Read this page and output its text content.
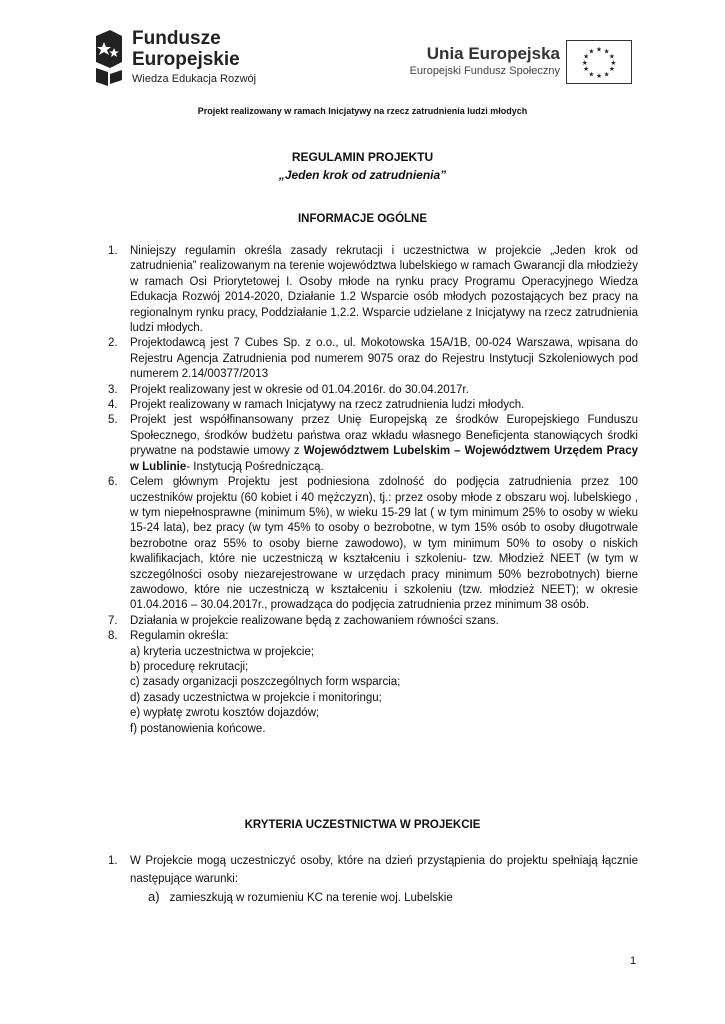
Fundusze
Europejskie
Wiedza Edukacja Rozwój
Unia Europejska
Europejski Fundusz Społeczny
★ ★
★
★
★
★
★
★
★
★
★
★
Projekt realizowany w ramach Inicjatywy na rzecz zatrudnienia ludzi młodych
REGULAMIN PROJEKTU
„Jeden krok od zatrudnienia”
INFORMACJE OGÓLNE
1. Niniejszy regulamin określa zasady rekrutacji i uczestnictwa w projekcie „Jeden krok od zatrudnienia” realizowanym na terenie województwa lubelskiego w ramach Gwarancji dla młodzieży w ramach Osi Priorytetowej I. Osoby młode na rynku pracy Programu Operacyjnego Wiedza Edukacja Rozwój 2014-2020, Działanie 1.2 Wsparcie osób młodych pozostających bez pracy na regionalnym rynku pracy, Poddziałanie 1.2.2. Wsparcie udzielane z Inicjatywy na rzecz zatrudnienia ludzi młodych.
2. Projektodawcą jest 7 Cubes Sp. z o.o., ul. Mokotowska 15A/1B, 00-024 Warszawa, wpisana do Rejestru Agencja Zatrudnienia pod numerem 9075 oraz do Rejestru Instytucji Szkoleniowych pod numerem 2.14/00377/2013
3. Projekt realizowany jest w okresie od 01.04.2016r. do 30.04.2017r.
4. Projekt realizowany w ramach Inicjatywy na rzecz zatrudnienia ludzi młodych.
5. Projekt jest współfinansowany przez Unię Europejską ze środków Europejskiego Funduszu Społecznego, środków budżetu państwa oraz wkładu własnego Beneficjenta stanowiących środki prywatne na podstawie umowy z Województwem Lubelskim – Województwem Urzędem Pracy w Lublinie- Instytucją Pośredniczącą.
6. Celem głównym Projektu jest podniesiona zdolność do podjęcia zatrudnienia przez 100 uczestników projektu (60 kobiet i 40 mężczyzn), tj.: przez osoby młode z obszaru woj. lubelskiego , w tym niepełnosprawne (minimum 5%), w wieku 15-29 lat ( w tym minimum 25% to osoby w wieku 15-24 lata), bez pracy (w tym 45% to osoby o bezrobotne, w tym 15% osób to osoby długotrwale bezrobotne oraz 55% to osoby bierne zawodowo), w tym minimum 50% to osoby o niskich kwalifikacjach, które nie uczestniczą w kształceniu i szkoleniu- tzw. Młodzież NEET (w tym w szczególności osoby niezarejestrowane w urzędach pracy minimum 50% bezrobotnych) bierne zawodowo, które nie uczestniczą w kształceniu i szkoleniu (tzw. młodzież NEET); w okresie 01.04.2016 – 30.04.2017r., prowadząca do podjęcia zatrudnienia przez minimum 38 osób.
7. Działania w projekcie realizowane będą z zachowaniem równości szans.
8. Regulamin określa:
a) kryteria uczestnictwa w projekcie;
b) procedurę rekrutacji;
c) zasady organizacji poszczególnych form wsparcia;
d) zasady uczestnictwa w projekcie i monitoringu;
e) wypłatę zwrotu kosztów dojazdów;
f) postanowienia końcowe.
KRYTERIA UCZESTNICTWA W PROJEKCIE
1. W Projekcie mogą uczestniczyć osoby, które na dzień przystąpienia do projektu spełniają łącznie następujące warunki:
a) zamieszkują w rozumieniu KC na terenie woj. Lubelskie
1
